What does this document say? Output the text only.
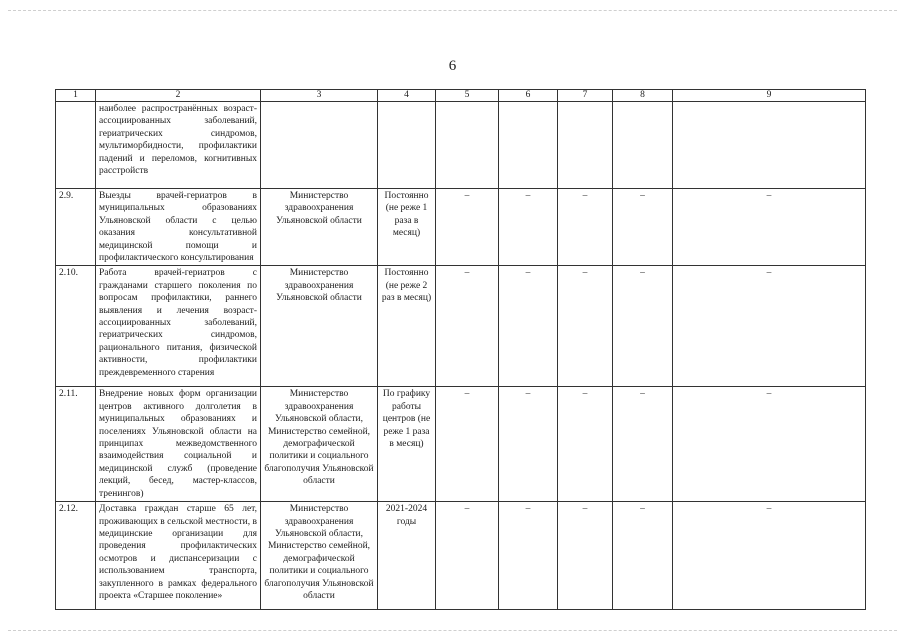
6
1	2	3	4	5	6	7	8	9
	наиболее распространённых возраст-ассоциированных заболеваний, гериатрических синдромов, мультиморбидности, профилактики падений и переломов, когнитивных расстройств							
2.9.	Выезды врачей-гериатров в муниципальных образованиях Ульяновской области с целью оказания консультативной медицинской помощи и профилактического консультирования	Министерство здравоохранения Ульяновской области	Постоянно (не реже 1 раза в месяц)	–	–	–	–	–
2.10.	Работа врачей-гериатров с гражданами старшего поколения по вопросам профилактики, раннего выявления и лечения возраст-ассоциированных заболеваний, гериатрических синдромов, рационального питания, физической активности, профилактики преждевременного старения	Министерство здравоохранения Ульяновской области	Постоянно (не реже 2 раз в месяц)	–	–	–	–	–
2.11.	Внедрение новых форм организации центров активного долголетия в муниципальных образованиях и поселениях Ульяновской области на принципах межведомственного взаимодействия социальной и медицинской служб (проведение лекций, бесед, мастер-классов, тренингов)	Министерство здравоохранения Ульяновской области, Министерство семейной, демографической политики и социального благополучия Ульяновской области	По графику работы центров (не реже 1 раза в месяц)	–	–	–	–	–
2.12.	Доставка граждан старше 65 лет, проживающих в сельской местности, в медицинские организации для проведения профилактических осмотров и диспансеризации с использованием транспорта, закупленного в рамках федерального проекта «Старшее поколение»	Министерство здравоохранения Ульяновской области, Министерство семейной, демографической политики и социального благополучия Ульяновской области	2021-2024 годы	–	–	–	–	–
